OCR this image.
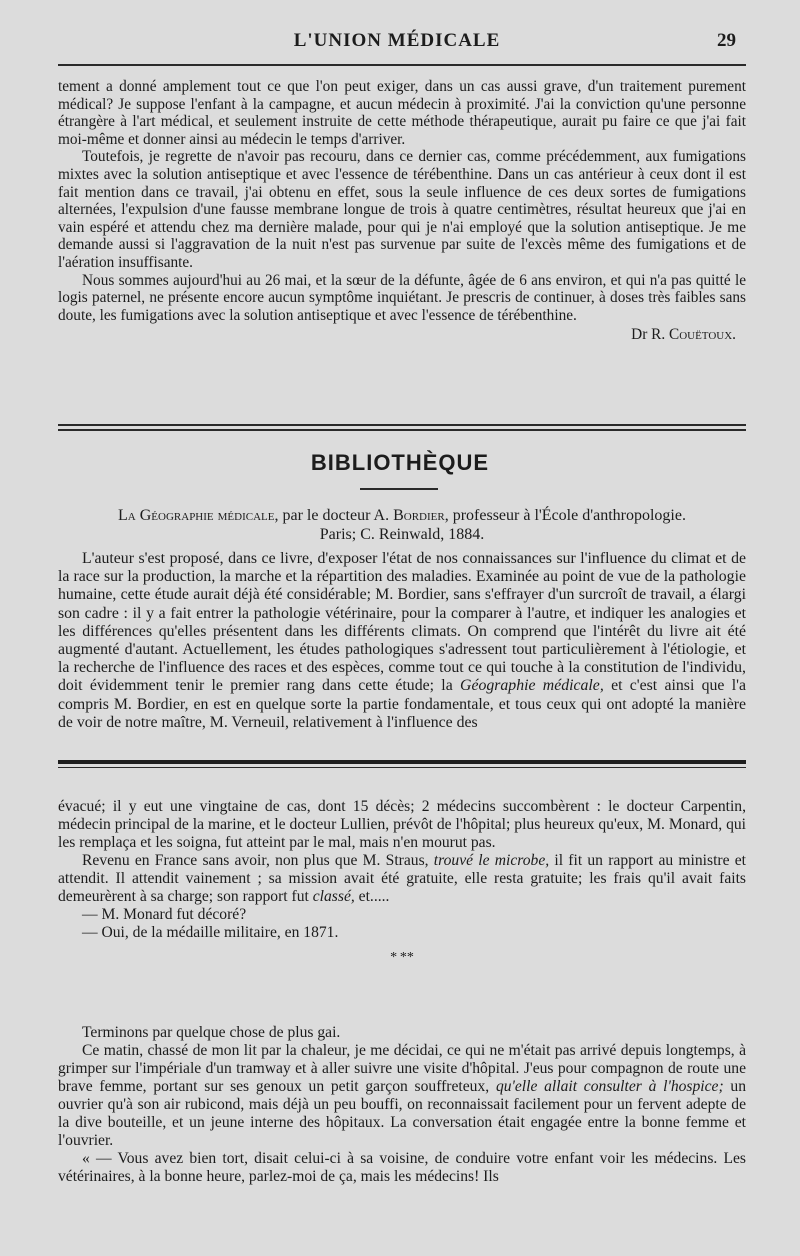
L'UNION MÉDICALE	29

tement a donné amplement tout ce que l'on peut exiger, dans un cas aussi grave, d'un traitement purement médical? Je suppose l'enfant à la campagne, et aucun médecin à proximité. J'ai la conviction qu'une personne étrangère à l'art médical, et seulement instruite de cette méthode thérapeutique, aurait pu faire ce que j'ai fait moi-même et donner ainsi au médecin le temps d'arriver.

Toutefois, je regrette de n'avoir pas recouru, dans ce dernier cas, comme précédemment, aux fumigations mixtes avec la solution antiseptique et avec l'essence de térébenthine. Dans un cas antérieur à ceux dont il est fait mention dans ce travail, j'ai obtenu en effet, sous la seule influence de ces deux sortes de fumigations alternées, l'expulsion d'une fausse membrane longue de trois à quatre centimètres, résultat heureux que j'ai en vain espéré et attendu chez ma dernière malade, pour qui je n'ai employé que la solution antiseptique. Je me demande aussi si l'aggravation de la nuit n'est pas survenue par suite de l'excès même des fumigations et de l'aération insuffisante.

Nous sommes aujourd'hui au 26 mai, et la sœur de la défunte, âgée de 6 ans environ, et qui n'a pas quitté le logis paternel, ne présente encore aucun symptôme inquiétant. Je prescris de continuer, à doses très faibles sans doute, les fumigations avec la solution antiseptique et avec l'essence de térébenthine.

Dr R. Couëtoux.

BIBLIOTHÈQUE
La Géographie médicale, par le docteur A. Bordier, professeur à l'École d'anthropologie.
Paris; C. Reinwald, 1884.

L'auteur s'est proposé, dans ce livre, d'exposer l'état de nos connaissances sur l'influence du climat et de la race sur la production, la marche et la répartition des maladies. Examinée au point de vue de la pathologie humaine, cette étude aurait déjà été considérable; M. Bordier, sans s'effrayer d'un surcroît de travail, a élargi son cadre : il y a fait entrer la pathologie vétérinaire, pour la comparer à l'autre, et indiquer les analogies et les différences qu'elles présentent dans les différents climats. On comprend que l'intérêt du livre ait été augmenté d'autant. Actuellement, les études pathologiques s'adressent tout particulièrement à l'étiologie, et la recherche de l'influence des races et des espèces, comme tout ce qui touche à la constitution de l'individu, doit évidemment tenir le premier rang dans cette étude; la Géographie médicale, et c'est ainsi que l'a compris M. Bordier, en est en quelque sorte la partie fondamentale, et tous ceux qui ont adopté la manière de voir de notre maître, M. Verneuil, relativement à l'influence des

évacué; il y eut une vingtaine de cas, dont 15 décès; 2 médecins succombèrent : le docteur Carpentin, médecin principal de la marine, et le docteur Lullien, prévôt de l'hôpital; plus heureux qu'eux, M. Monard, qui les remplaça et les soigna, fut atteint par le mal, mais n'en mourut pas.

Revenu en France sans avoir, non plus que M. Straus, trouvé le microbe, il fit un rapport au ministre et attendit. Il attendit vainement ; sa mission avait été gratuite, elle resta gratuite; les frais qu'il avait faits demeurèrent à sa charge; son rapport fut classé, et.....

— M. Monard fut décoré?

— Oui, de la médaille militaire, en 1871.

* **

Terminons par quelque chose de plus gai.

Ce matin, chassé de mon lit par la chaleur, je me décidai, ce qui ne m'était pas arrivé depuis longtemps, à grimper sur l'impériale d'un tramway et à aller suivre une visite d'hôpital. J'eus pour compagnon de route une brave femme, portant sur ses genoux un petit garçon souffreteux, qu'elle allait consulter à l'hospice; un ouvrier qu'à son air rubicond, mais déjà un peu bouffi, on reconnaissait facilement pour un fervent adepte de la dive bouteille, et un jeune interne des hôpitaux. La conversation était engagée entre la bonne femme et l'ouvrier.

« — Vous avez bien tort, disait celui-ci à sa voisine, de conduire votre enfant voir les médecins. Les vétérinaires, à la bonne heure, parlez-moi de ça, mais les médecins! Ils
